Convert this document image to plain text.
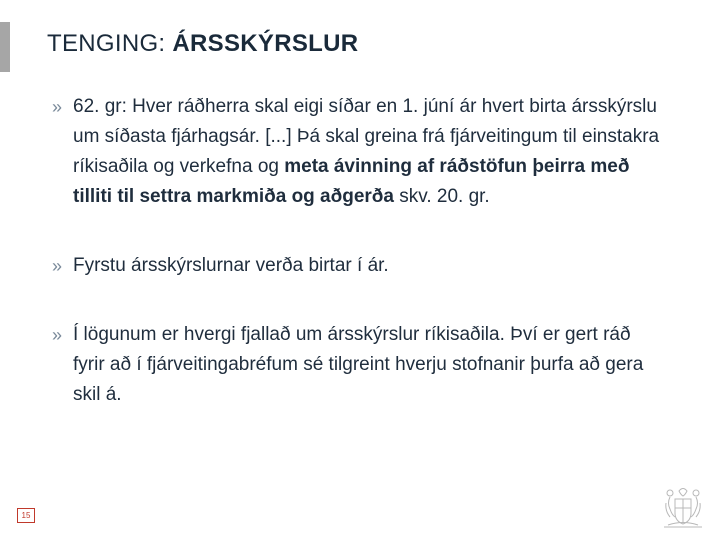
TENGING: ÁRSSKÝRSLUR
» 62. gr: Hver ráðherra skal eigi síðar en 1. júní ár hvert birta ársskýrslu um síðasta fjárhagsár. [...] Þá skal greina frá fjárveitingum til einstakra ríkisaðila og verkefna og meta ávinning af ráðstöfun þeirra með tilliti til settra markmiða og aðgerða skv. 20. gr.
» Fyrstu ársskýrslurnar verða birtar í ár.
» Í lögunum er hvergi fjallað um ársskýrslur ríkisaðila. Því er gert ráð fyrir að í fjárveitingabréfum sé tilgreint hverju stofnanir þurfa að gera skil á.
15
